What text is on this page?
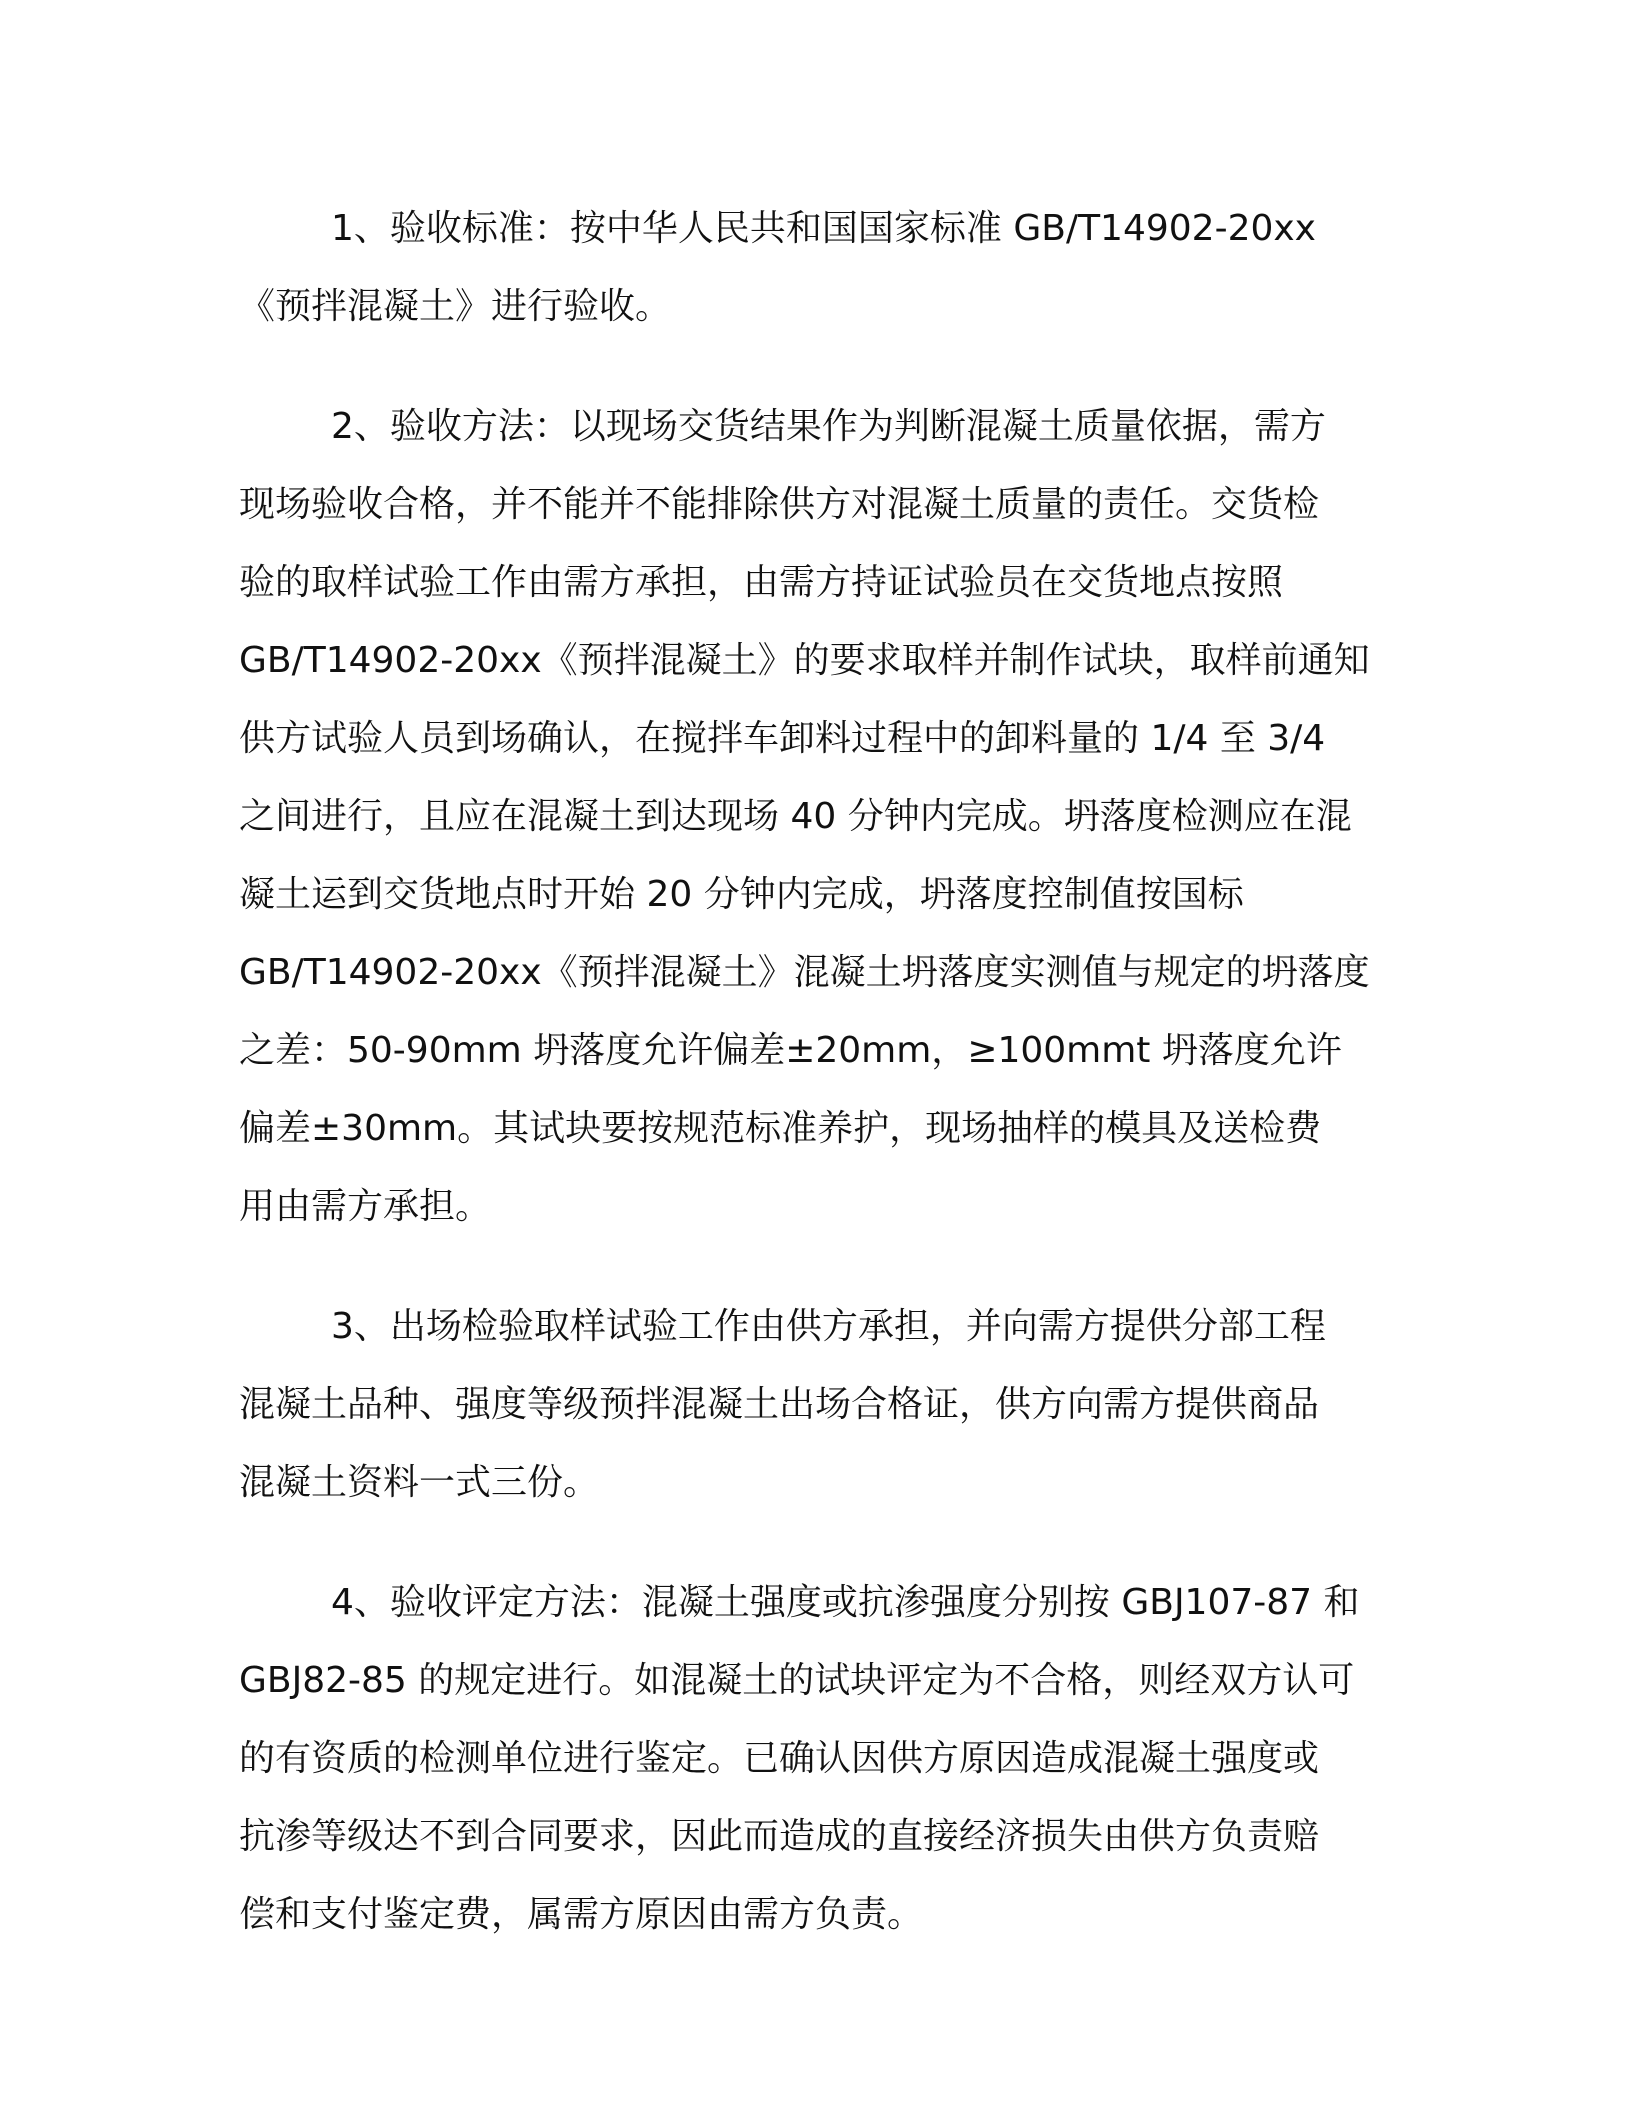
1、验收标准：按中华人民共和国国家标准 GB/T14902-20xx
《预拌混凝土》进行验收。

2、验收方法：以现场交货结果作为判断混凝土质量依据，需方
现场验收合格，并不能并不能排除供方对混凝土质量的责任。交货检
验的取样试验工作由需方承担，由需方持证试验员在交货地点按照
GB/T14902-20xx《预拌混凝土》的要求取样并制作试块，取样前通知
供方试验人员到场确认，在搅拌车卸料过程中的卸料量的 1/4 至 3/4
之间进行，且应在混凝土到达现场 40 分钟内完成。坍落度检测应在混
凝土运到交货地点时开始 20 分钟内完成，坍落度控制值按国标
GB/T14902-20xx《预拌混凝土》混凝土坍落度实测值与规定的坍落度
之差：50-90mm 坍落度允许偏差±20mm，≥100mmt 坍落度允许
偏差±30mm。其试块要按规范标准养护，现场抽样的模具及送检费
用由需方承担。

3、出场检验取样试验工作由供方承担，并向需方提供分部工程
混凝土品种、强度等级预拌混凝土出场合格证，供方向需方提供商品
混凝土资料一式三份。

4、验收评定方法：混凝土强度或抗渗强度分别按 GBJ107-87 和
GBJ82-85 的规定进行。如混凝土的试块评定为不合格，则经双方认可
的有资质的检测单位进行鉴定。已确认因供方原因造成混凝土强度或
抗渗等级达不到合同要求，因此而造成的直接经济损失由供方负责赔
偿和支付鉴定费，属需方原因由需方负责。
